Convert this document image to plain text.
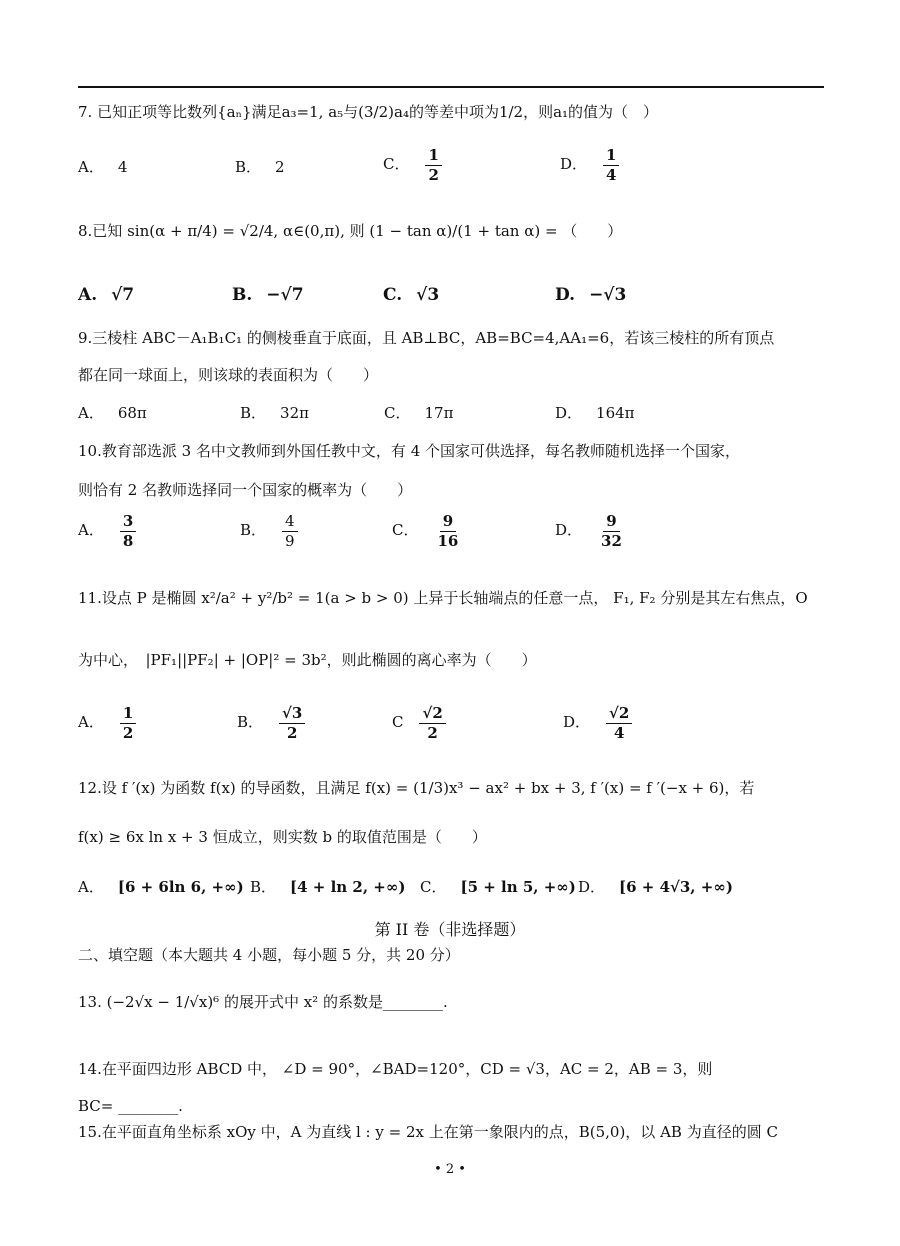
7. 已知正项等比数列{aₙ}满足a₃=1, a₅与(3/2)a₄的等差中项为1/2，则a₁的值为（　）
A． 4	B． 2	C． $\frac{1}{2}$	D． $\frac{1}{4}$
8.已知 sin(α + π/4) = √2/4, α∈(0,π), 则 (1 − tan α)/(1 + tan α) = （　　）
A. √7	B. −√7	C. √3	D. −√3
9.三棱柱 ABC－A₁B₁C₁ 的侧棱垂直于底面，且 AB⊥BC，AB=BC=4,AA₁=6，若该三棱柱的所有顶点
都在同一球面上，则该球的表面积为（　　）
A． 68π	B． 32π	C． 17π	D． 164π
10.教育部选派 3 名中文教师到外国任教中文，有 4 个国家可供选择，每名教师随机选择一个国家，
则恰有 2 名教师选择同一个国家的概率为（　　）
A． $\frac{3}{8}$	B． $\frac{4}{9}$	C． $\frac{9}{16}$	D． $\frac{9}{32}$
11.设点 P 是椭圆 x²/a² + y²/b² = 1(a > b > 0) 上异于长轴端点的任意一点， F₁, F₂ 分别是其左右焦点，O
为中心，　|PF₁||PF₂| + |OP|² = 3b²，则此椭圆的离心率为（　　）
A． $\frac{1}{2}$	B． $\frac{√3}{2}$	C $\frac{√2}{2}$	D． $\frac{√2}{4}$
12.设 f ′(x) 为函数 f(x) 的导函数，且满足 f(x) = (1/3)x³ − ax² + bx + 3, f ′(x) = f ′(−x + 6)，若
f(x) ≥ 6x ln x + 3 恒成立，则实数 b 的取值范围是（　　）
A． [6 + 6ln 6, +∞) B． [4 + ln 2, +∞) C． [5 + ln 5, +∞) D． [6 + 4√3, +∞)
第 II 卷（非选择题）
二、填空题（本大题共 4 小题，每小题 5 分，共 20 分）
13. (−2√x − 1/√x)⁶ 的展开式中 x² 的系数是________.
14.在平面四边形 ABCD 中， ∠D = 90°，∠BAD=120°，CD = √3，AC = 2，AB = 3，则
BC= ________.
15.在平面直角坐标系 xOy 中，A 为直线 l : y = 2x 上在第一象限内的点，B(5,0)，以 AB 为直径的圆 C
• 2 •
